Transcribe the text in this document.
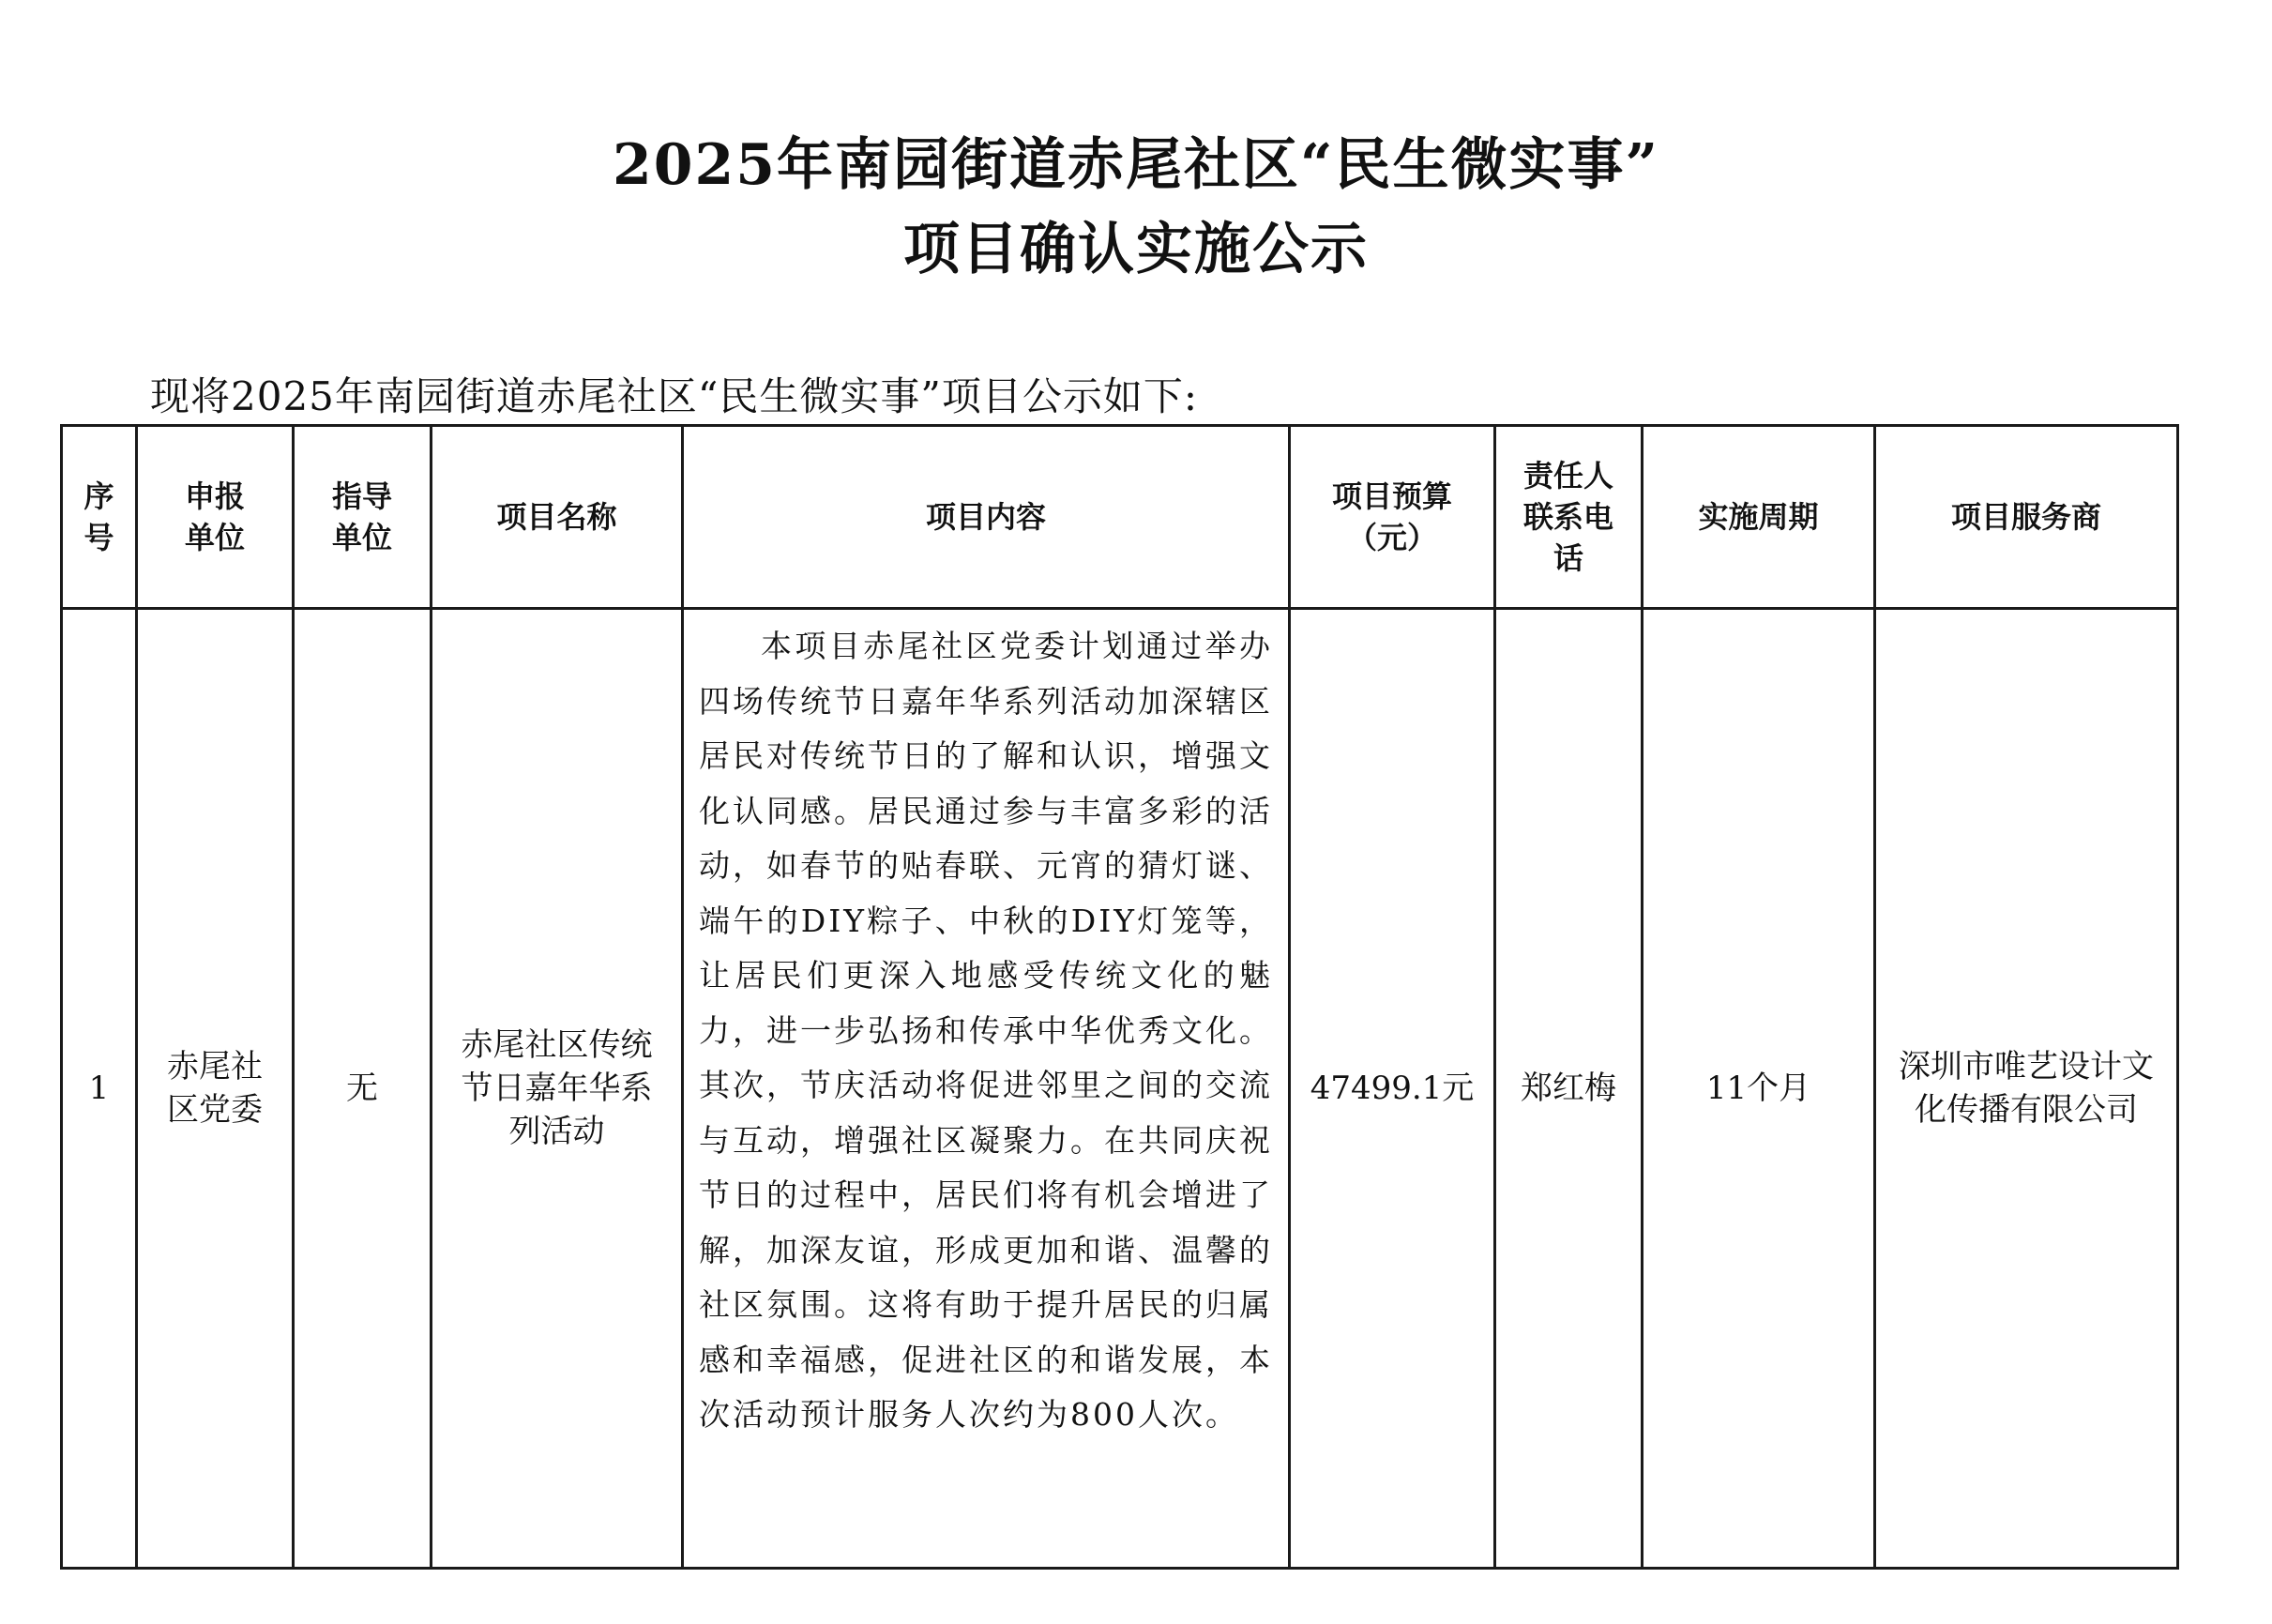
2025年南园街道赤尾社区“民生微实事”
项目确认实施公示

现将2025年南园街道赤尾社区“民生微实事”项目公示如下:

序号	申报单位	指导单位	项目名称	项目内容	项目预算（元）	责任人联系电话	实施周期	项目服务商
1	赤尾社区党委	无	赤尾社区传统节日嘉年华系列活动	本项目赤尾社区党委计划通过举办四场传统节日嘉年华系列活动加深辖区居民对传统节日的了解和认识，增强文化认同感。居民通过参与丰富多彩的活动，如春节的贴春联、元宵的猜灯谜、端午的DIY粽子、中秋的DIY灯笼等，让居民们更深入地感受传统文化的魅力，进一步弘扬和传承中华优秀文化。其次，节庆活动将促进邻里之间的交流与互动，增强社区凝聚力。在共同庆祝节日的过程中，居民们将有机会增进了解，加深友谊，形成更加和谐、温馨的社区氛围。这将有助于提升居民的归属感和幸福感，促进社区的和谐发展，本次活动预计服务人次约为800人次。	47499.1元	郑红梅	11个月	深圳市唯艺设计文化传播有限公司
